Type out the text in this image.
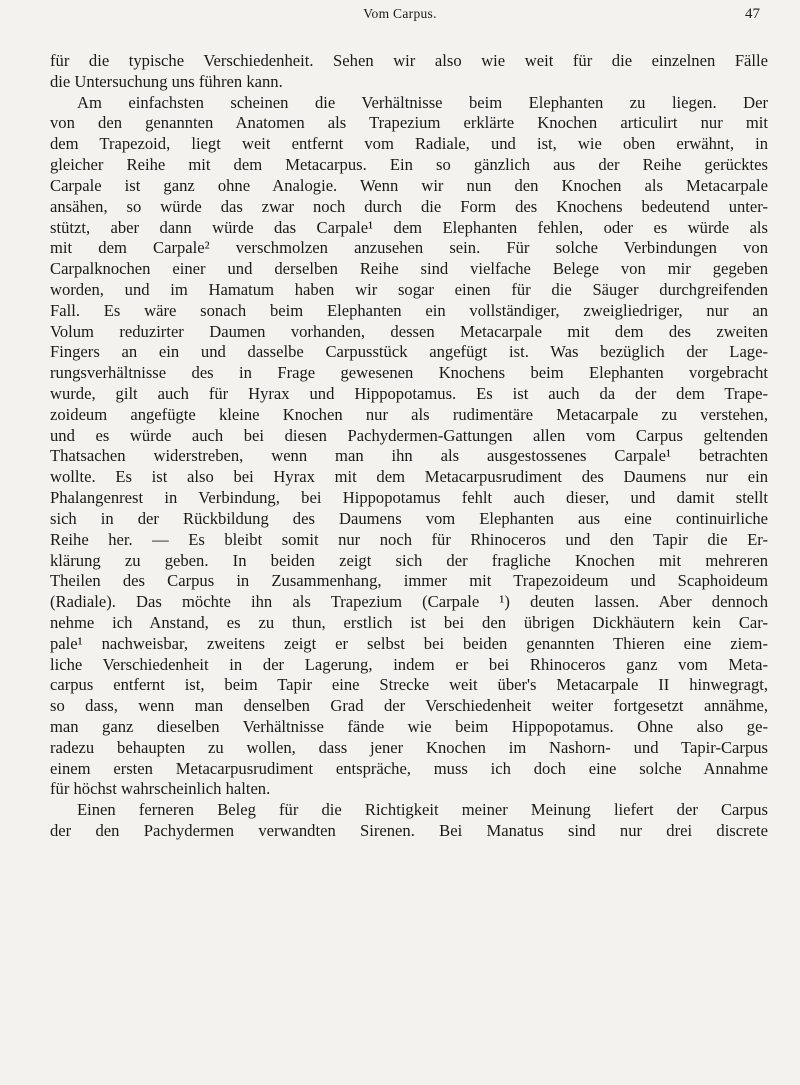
Vom Carpus.	47
für die typische Verschiedenheit. Sehen wir also wie weit für die einzelnen Fälle
die Untersuchung uns führen kann.
Am einfachsten scheinen die Verhältnisse beim Elephanten zu liegen. Der
von den genannten Anatomen als Trapezium erklärte Knochen articulirt nur mit
dem Trapezoid, liegt weit entfernt vom Radiale, und ist, wie oben erwähnt, in
gleicher Reihe mit dem Metacarpus. Ein so gänzlich aus der Reihe gerücktes
Carpale ist ganz ohne Analogie. Wenn wir nun den Knochen als Metacarpale
ansähen, so würde das zwar noch durch die Form des Knochens bedeutend unter-
stützt, aber dann würde das Carpale¹ dem Elephanten fehlen, oder es würde als
mit dem Carpale² verschmolzen anzusehen sein. Für solche Verbindungen von
Carpalknochen einer und derselben Reihe sind vielfache Belege von mir gegeben
worden, und im Hamatum haben wir sogar einen für die Säuger durchgreifenden
Fall. Es wäre sonach beim Elephanten ein vollständiger, zweigliedriger, nur an
Volum reduzirter Daumen vorhanden, dessen Metacarpale mit dem des zweiten
Fingers an ein und dasselbe Carpusstück angefügt ist. Was bezüglich der Lage-
rungsverhältnisse des in Frage gewesenen Knochens beim Elephanten vorgebracht
wurde, gilt auch für Hyrax und Hippopotamus. Es ist auch da der dem Trape-
zoideum angefügte kleine Knochen nur als rudimentäre Metacarpale zu verstehen,
und es würde auch bei diesen Pachydermen-Gattungen allen vom Carpus geltenden
Thatsachen widerstreben, wenn man ihn als ausgestossenes Carpale¹ betrachten
wollte. Es ist also bei Hyrax mit dem Metacarpusrudiment des Daumens nur ein
Phalangenrest in Verbindung, bei Hippopotamus fehlt auch dieser, und damit stellt
sich in der Rückbildung des Daumens vom Elephanten aus eine continuirliche
Reihe her. — Es bleibt somit nur noch für Rhinoceros und den Tapir die Er-
klärung zu geben. In beiden zeigt sich der fragliche Knochen mit mehreren
Theilen des Carpus in Zusammenhang, immer mit Trapezoideum und Scaphoideum
(Radiale). Das möchte ihn als Trapezium (Carpale ¹) deuten lassen. Aber dennoch
nehme ich Anstand, es zu thun, erstlich ist bei den übrigen Dickhäutern kein Car-
pale¹ nachweisbar, zweitens zeigt er selbst bei beiden genannten Thieren eine ziem-
liche Verschiedenheit in der Lagerung, indem er bei Rhinoceros ganz vom Meta-
carpus entfernt ist, beim Tapir eine Strecke weit über's Metacarpale II hinwegragt,
so dass, wenn man denselben Grad der Verschiedenheit weiter fortgesetzt annähme,
man ganz dieselben Verhältnisse fände wie beim Hippopotamus. Ohne also ge-
radezu behaupten zu wollen, dass jener Knochen im Nashorn- und Tapir-Carpus
einem ersten Metacarpusrudiment entspräche, muss ich doch eine solche Annahme
für höchst wahrscheinlich halten.
Einen ferneren Beleg für die Richtigkeit meiner Meinung liefert der Carpus
der den Pachydermen verwandten Sirenen. Bei Manatus sind nur drei discrete
